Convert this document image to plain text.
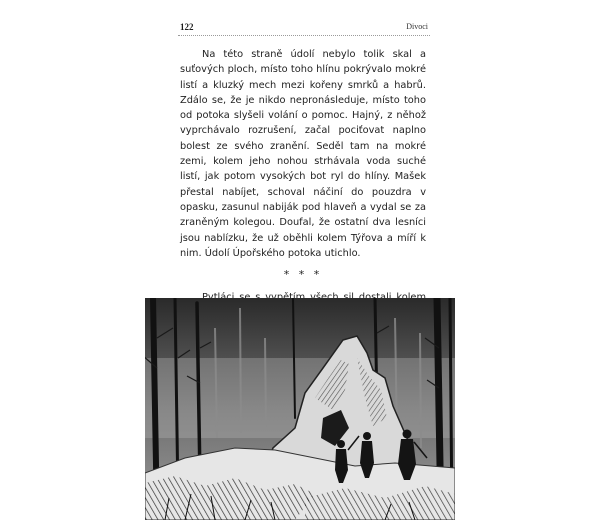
122	Divoci

Na této straně údolí nebylo tolik skal a suťových ploch, místo toho hlínu pokrývalo mokré listí a kluzký mech mezi kořeny smrků a habrů. Zdálo se, že je nikdo nepronásleduje, místo toho od potoka slyšeli volání o pomoc. Hajný, z něhož vyprchávalo rozrušení, začal pociťovat naplno bolest ze svého zranění. Seděl tam na mokré zemi, kolem jeho nohou strhávala voda suché listí, jak potom vysokých bot ryl do hlíny. Mašek přestal nabíjet, schoval náčiní do pouzdra v opasku, zasunul nabiják pod hlaveň a vydal se za zraněným kolegou. Doufal, že ostatní dva lesníci jsou nablízku, že už oběhli kolem Týřova a míří k nim. Údolí Úpořského potoka utichlo.

* * *
